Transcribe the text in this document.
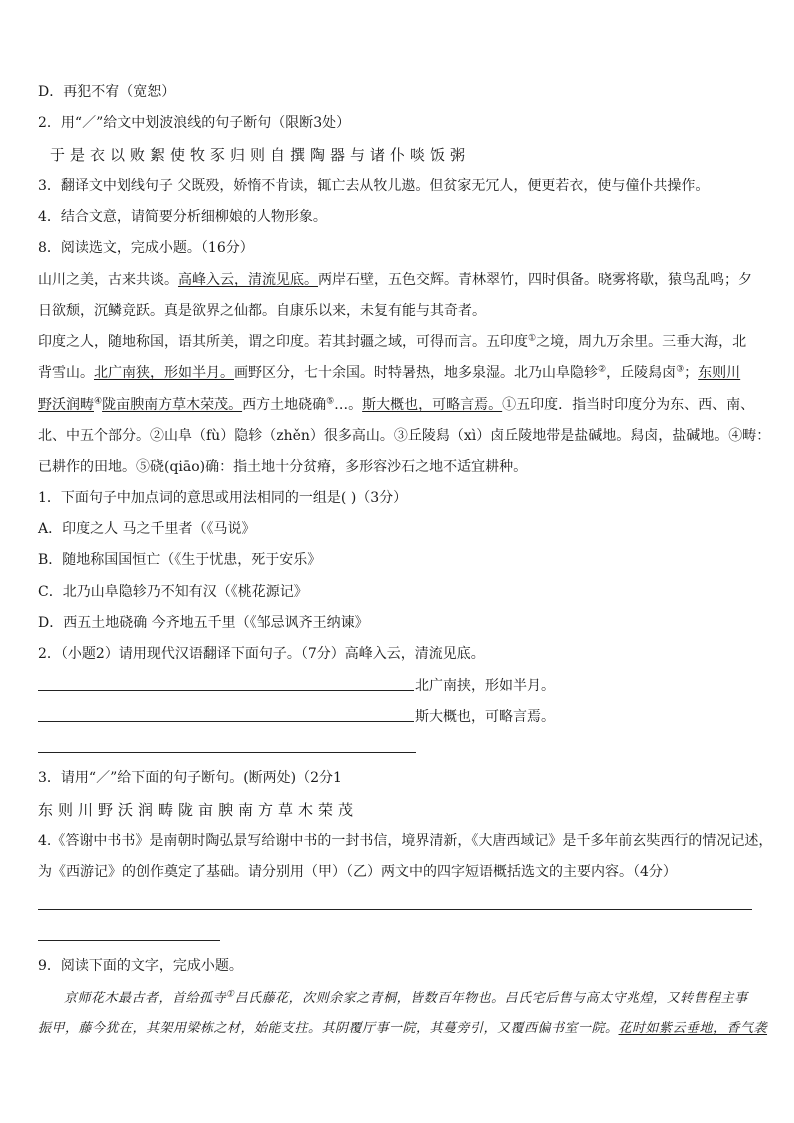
D．再犯不宥（宽恕）
2．用“／”给文中划波浪线的句子断句（限断3处）
于是衣以败絮使牧豕归则自撰陶器与诸仆啖饭粥
3．翻译文中划线句子 父既殁，娇惰不肯读，辄亡去从牧儿遨。但贫家无冗人，便更若衣，使与僮仆共操作。
4．结合文意，请简要分析细柳娘的人物形象。
8．阅读选文，完成小题。（16分）
山川之美，古来共谈。高峰入云，清流见底。两岸石壁，五色交辉。青林翠竹，四时俱备。晓雾将歇，猿鸟乱鸣；夕
日欲颓，沉鳞竞跃。真是欲界之仙都。自康乐以来，未复有能与其奇者。
印度之人，随地称国，语其所美，谓之印度。若其封疆之域，可得而言。五印度①之境，周九万余里。三垂大海，北
背雪山。北广南狭，形如半月。画野区分，七十余国。时特暑热，地多泉湿。北乃山阜隐轸②，丘陵舄卤③；东则川
野沃润畴④陇亩腴南方草木荣茂。西方土地硗确⑤…。斯大概也，可略言焉。①五印度．指当时印度分为东、西、南、
北、中五个部分。②山阜（fù）隐轸（zhěn）很多高山。③丘陵舄（xì）卤丘陵地带是盐碱地。舄卤，盐碱地。④畴：
已耕作的田地。⑤硗(qiāo)确：指土地十分贫瘠，多形容沙石之地不适宜耕种。
1．下面句子中加点词的意思或用法相同的一组是( )（3分）
A．印度之人 马之千里者（《马说》
B．随地称国国恒亡（《生于忧患，死于安乐》
C．北乃山阜隐轸乃不知有汉（《桃花源记》
D．西五土地硗确 今齐地五千里（《邹忌讽齐王纳谏》
2．（小题2）请用现代汉语翻译下面句子。（7分）高峰入云，清流见底。
北广南挟，形如半月。
斯大概也，可略言焉。
3．请用“／”给下面的句子断句。(断两处)（2分1
东则川野沃润畴陇亩腴南方草木荣茂
4.《答谢中书书》是南朝时陶弘景写给谢中书的一封书信，境界清新，《大唐西域记》是千多年前玄奘西行的情况记述，
为《西游记》的创作奠定了基础。请分别用（甲）（乙）两文中的四字短语概括选文的主要内容。（4分）
9．阅读下面的文字，完成小题。
京师花木最古者，首给孤寺①吕氏藤花，次则余家之青桐，皆数百年物也。吕氏宅后售与高太守兆煌，又转售程主事
振甲，藤今犹在，其架用梁栋之材，始能支拄。其阴覆厅事一院，其蔓旁引，又覆西偏书室一院。花时如紫云垂地，香气袭
